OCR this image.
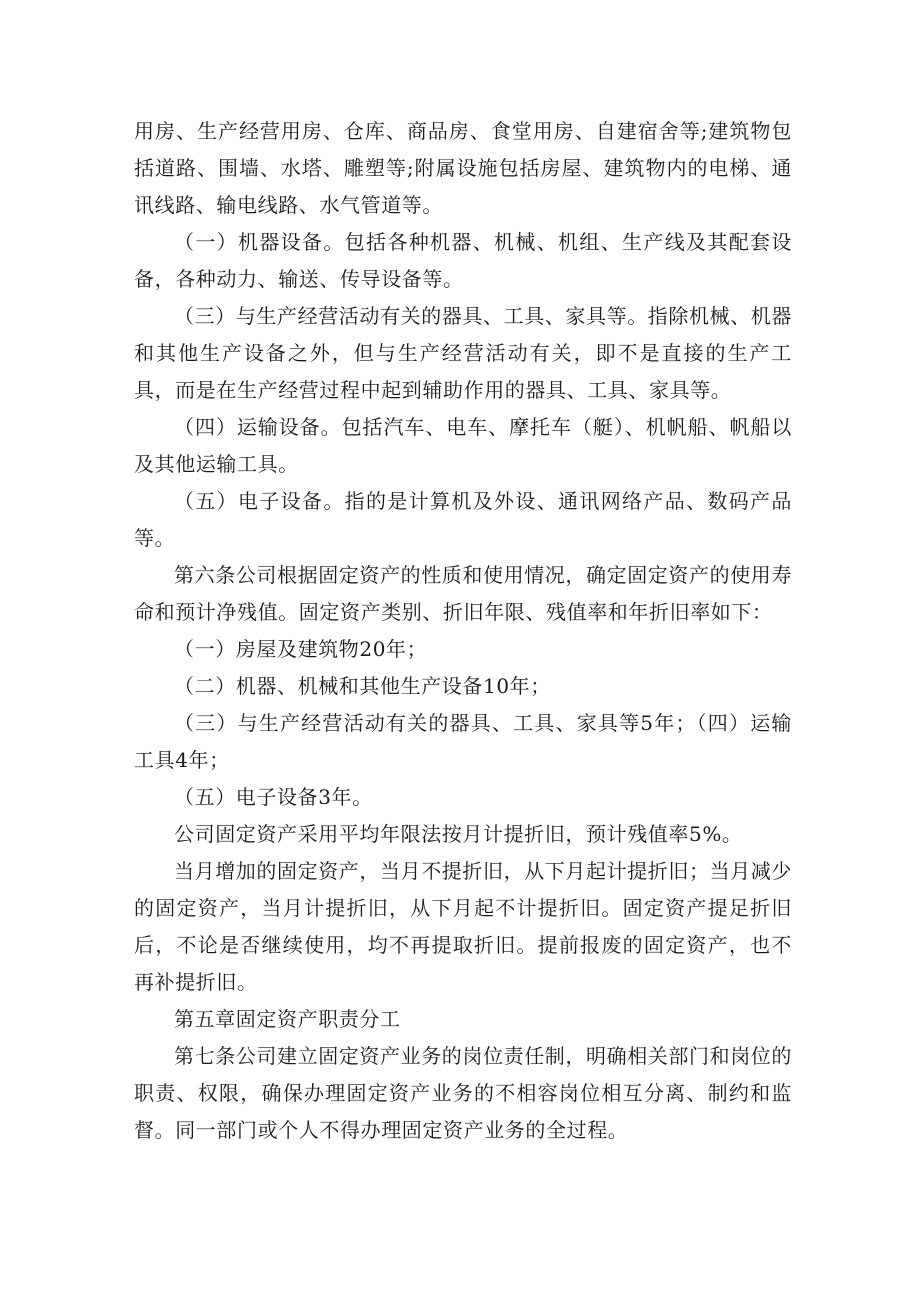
用房、生产经营用房、仓库、商品房、食堂用房、自建宿舍等;建筑物包括道路、围墙、水塔、雕塑等;附属设施包括房屋、建筑物内的电梯、通讯线路、输电线路、水气管道等。

（一）机器设备。包括各种机器、机械、机组、生产线及其配套设备，各种动力、输送、传导设备等。

（三）与生产经营活动有关的器具、工具、家具等。指除机械、机器和其他生产设备之外，但与生产经营活动有关，即不是直接的生产工具，而是在生产经营过程中起到辅助作用的器具、工具、家具等。

（四）运输设备。包括汽车、电车、摩托车（艇）、机帆船、帆船以及其他运输工具。

（五）电子设备。指的是计算机及外设、通讯网络产品、数码产品等。

第六条公司根据固定资产的性质和使用情况，确定固定资产的使用寿命和预计净残值。固定资产类别、折旧年限、残值率和年折旧率如下：

（一）房屋及建筑物20年；

（二）机器、机械和其他生产设备10年；

（三）与生产经营活动有关的器具、工具、家具等5年；（四）运输工具4年；

（五）电子设备3年。

公司固定资产采用平均年限法按月计提折旧，预计残值率5%。

当月增加的固定资产，当月不提折旧，从下月起计提折旧；当月减少的固定资产，当月计提折旧，从下月起不计提折旧。固定资产提足折旧后，不论是否继续使用，均不再提取折旧。提前报废的固定资产，也不再补提折旧。

第五章固定资产职责分工

第七条公司建立固定资产业务的岗位责任制，明确相关部门和岗位的职责、权限，确保办理固定资产业务的不相容岗位相互分离、制约和监督。同一部门或个人不得办理固定资产业务的全过程。
